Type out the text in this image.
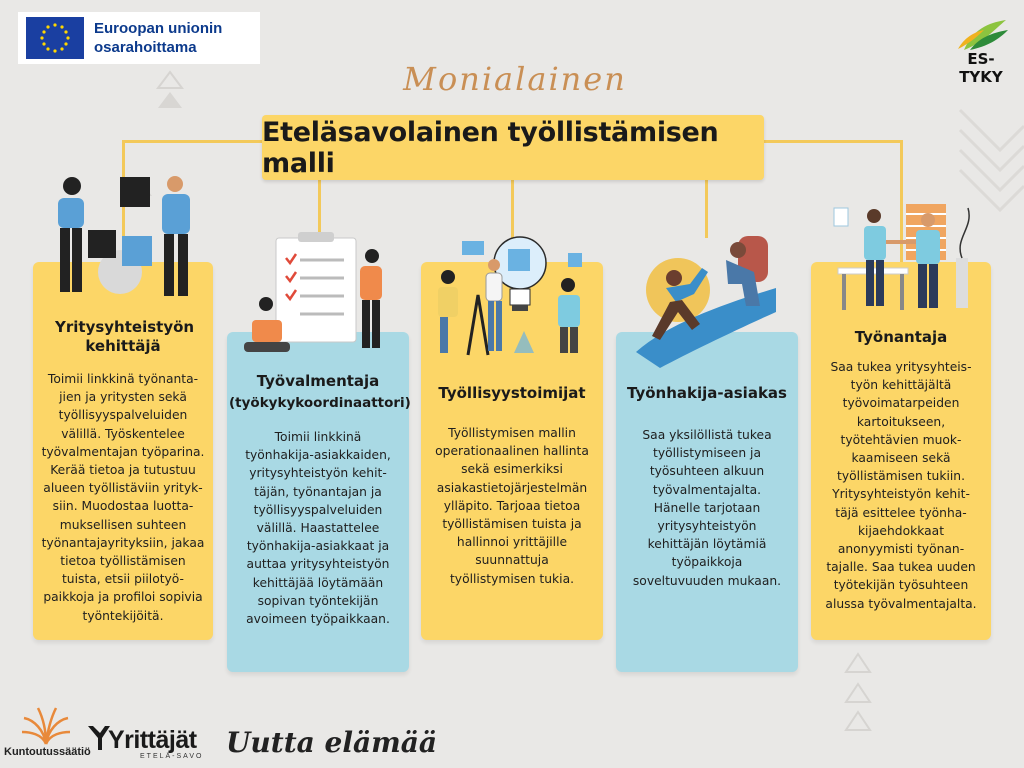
Euroopan unionin osarahoittama
ES-TYKY
Monialainen
Eteläsavolainen työllistämisen malli
Yritysyhteistyön kehittäjä
Toimii linkkinä työnanta-
jien ja yritysten sekä
työllisyyspalveluiden
välillä. Työskentelee
työvalmentajan työparina.
Kerää tietoa ja tutustuu
alueen työllistäviin yrityk-
siin. Muodostaa luotta-
muksellisen suhteen
työnantajayrityksiin, jakaa
tietoa työllistämisen
tuista, etsii piilotyö-
paikkoja ja profiloi sopivia
työntekijöitä.
Työvalmentaja
(työkykykoordinaattori)
Toimii linkkinä
työnhakija-asiakkaiden,
yritysyhteistyön kehit-
täjän, työnantajan ja
työllisyyspalveluiden
välillä. Haastattelee
työnhakija-asiakkaat ja
auttaa yritysyhteistyön
kehittäjää löytämään
sopivan työntekijän
avoimeen työpaikkaan.
Työllisyystoimijat
Työllistymisen mallin
operationaalinen hallinta
sekä esimerkiksi
asiakastietojärjestelmän
ylläpito. Tarjoaa tietoa
työllistämisen tuista ja
hallinnoi yrittäjille
suunnattuja
työllistymisen tukia.
Työnhakija-asiakas
Saa yksilöllistä tukea
työllistymiseen ja
työsuhteen alkuun
työvalmentajalta.
Hänelle tarjotaan
yritysyhteistyön
kehittäjän löytämiä
työpaikkoja
soveltuvuuden mukaan.
Työnantaja
Saa tukea yritysyhteis-
työn kehittäjältä
työvoimatarpeiden
kartoitukseen,
työtehtävien muok-
kaamiseen sekä
työllistämisen tukiin.
Yritysyhteistyön kehit-
täjä esittelee työnha-
kijaehdokkaat
anonyymisti työnan-
tajalle. Saa tukea uuden
työtekijän työsuhteen
alussa työvalmentajalta.
Kuntoutussäätiö Yrittäjät
ETELÄ-SAVO Uutta elämää
